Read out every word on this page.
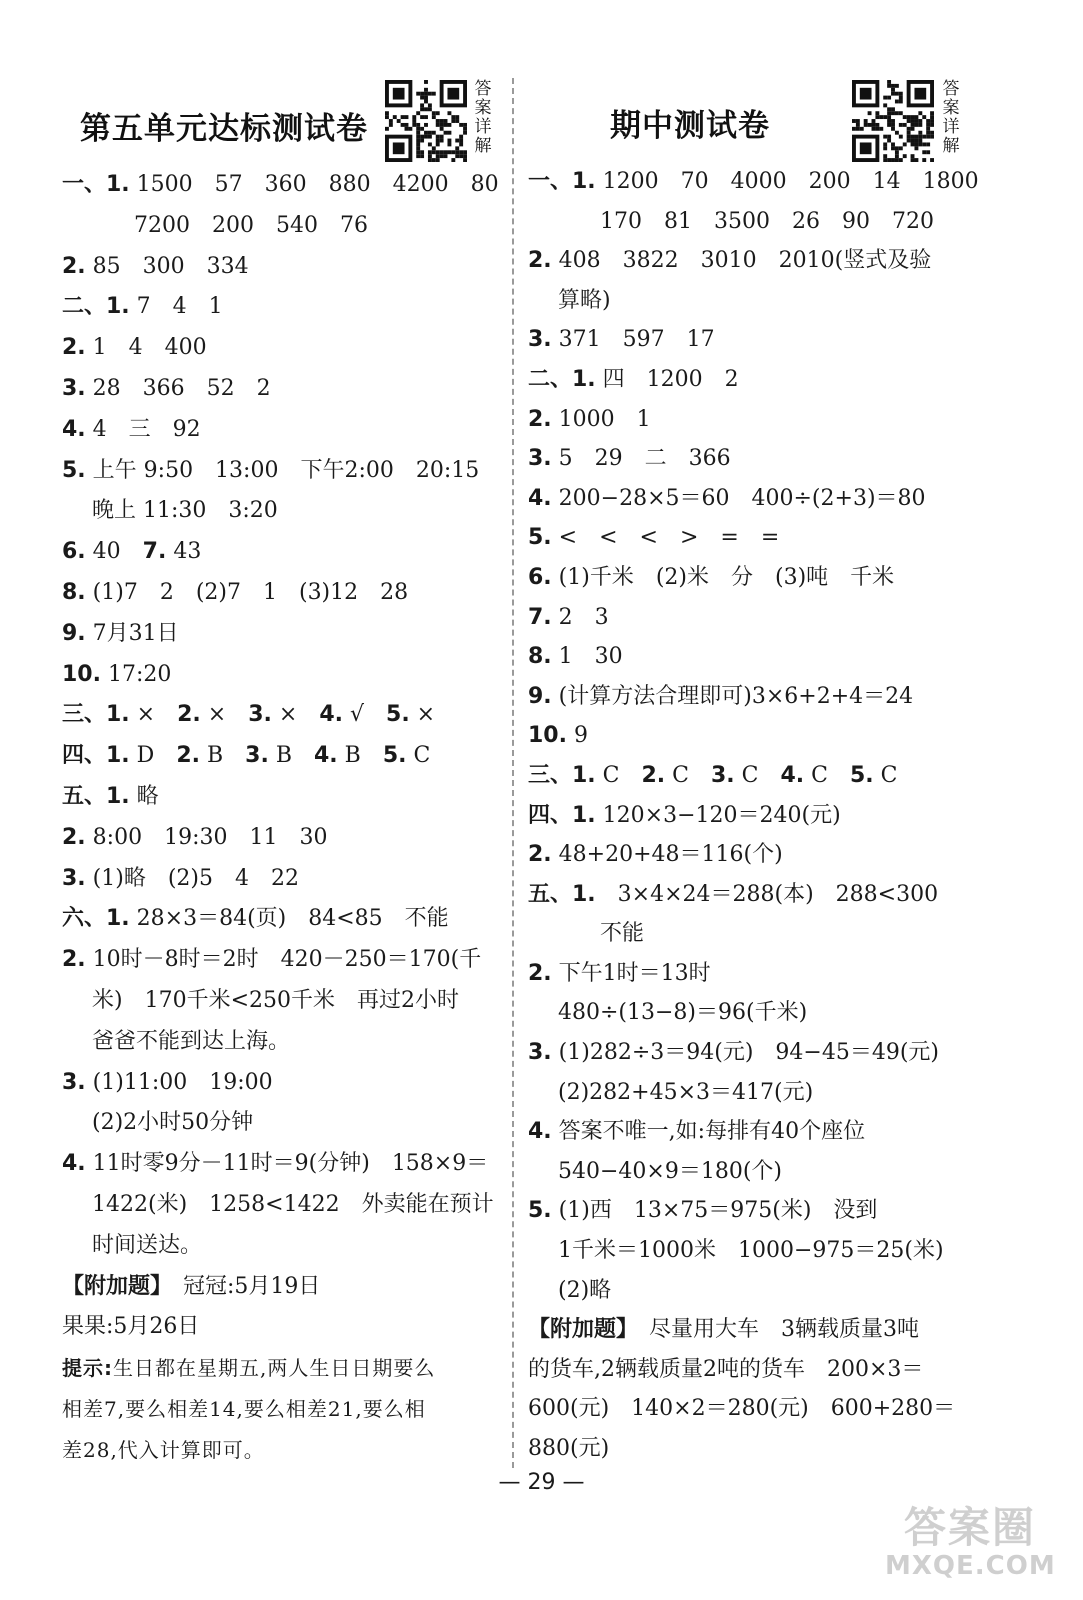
第五单元达标测试卷	期中测试卷
答案详解
答案详解
一、1. 1500　57　360　880　4200　80
7200　200　540　76
2. 85　300　334
二、1. 7　4　1
2. 1　4　400
3. 28　366　52　2
4. 4　三　92
5. 上午 9:50　13:00　下午2:00　20:15
晚上 11:30　3:20
6. 40　7. 43
8. (1)7　2　(2)7　1　(3)12　28
9. 7月31日
10. 17:20
三、1. ×　2. ×　3. ×　4. √　5. ×
四、1. D　2. B　3. B　4. B　5. C
五、1. 略
2. 8:00　19:30　11　30
3. (1)略　(2)5　4　22
六、1. 28×3＝84(页)　84<85　不能
2. 10时－8时＝2时　420－250＝170(千
米)　170千米<250千米　再过2小时
爸爸不能到达上海。
3. (1)11:00　19:00
(2)2小时50分钟
4. 11时零9分－11时＝9(分钟)　158×9＝
1422(米)　1258<1422　外卖能在预计
时间送达。
【附加题】　冠冠:5月19日
果果:5月26日
提示:生日都在星期五,两人生日日期要么
相差7,要么相差14,要么相差21,要么相
差28,代入计算即可。
一、1. 1200　70　4000　200　14　1800
170　81　3500　26　90　720
2. 408　3822　3010　2010(竖式及验
算略)
3. 371　597　17
二、1. 四　1200　2
2. 1000　1
3. 5　29　二　366
4. 200−28×5＝60　400÷(2+3)＝80
5. <　<　<　>　=　=
6. (1)千米　(2)米　分　(3)吨　千米
7. 2　3
8. 1　30
9. (计算方法合理即可)3×6+2+4＝24
10. 9
三、1. C　2. C　3. C　4. C　5. C
四、1. 120×3−120＝240(元)
2. 48+20+48＝116(个)
五、1.　3×4×24＝288(本)　288<300
不能
2. 下午1时＝13时
480÷(13−8)＝96(千米)
3. (1)282÷3＝94(元)　94−45＝49(元)
(2)282+45×3＝417(元)
4. 答案不唯一,如:每排有40个座位
540−40×9＝180(个)
5. (1)西　13×75＝975(米)　没到
1千米＝1000米　1000−975＝25(米)
(2)略
【附加题】　尽量用大车　3辆载质量3吨
的货车,2辆载质量2吨的货车　200×3＝
600(元)　140×2＝280(元)　600+280＝
880(元)
— 29 —
答案圈
MXQE.COM
